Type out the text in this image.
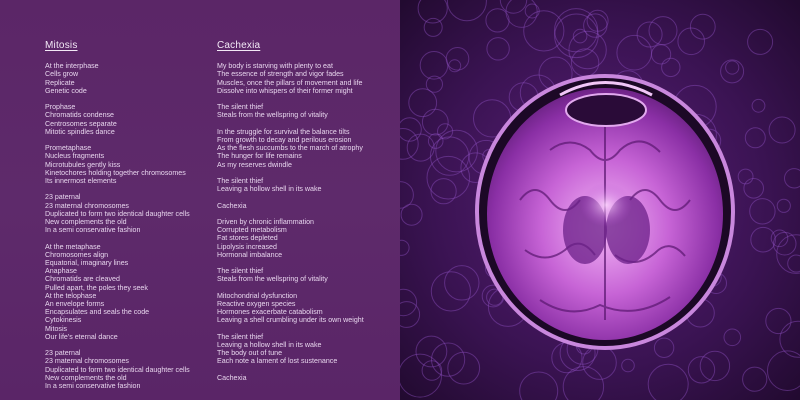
Mitosis
At the interphase
Cells grow
Replicate
Genetic code
Prophase
Chromatids condense
Centrosomes separate
Mitotic spindles dance
Prometaphase
Nucleus fragments
Microtubules gently kiss
Kinetochores holding together chromosomes
Its innermost elements
23 paternal
23 maternal chromosomes
Duplicated to form two identical daughter cells
New complements the old
In a semi conservative fashion
At the metaphase
Chromosomes align
Equatorial, imaginary lines
Anaphase
Chromatids are cleaved
Pulled apart, the poles they seek
At the telophase
An envelope forms
Encapsulates and seals the code
Cytokinesis
Mitosis
Our life's eternal dance
23 paternal
23 maternal chromosomes
Duplicated to form two identical daughter cells
New complements the old
In a semi conservative fashion
Cachexia
My body is starving with plenty to eat
The essence of strength and vigor fades
Muscles, once the pillars of movement and life
Dissolve into whispers of their former might
The silent thief
Steals from the wellspring of vitality
In the struggle for survival the balance tilts
From growth to decay and perilous erosion
As the flesh succumbs to the march of atrophy
The hunger for life remains
As my reserves dwindle
The silent thief
Leaving a hollow shell in its wake
Cachexia
Driven by chronic inflammation
Corrupted metabolism
Fat stores depleted
Lipolysis increased
Hormonal imbalance
The silent thief
Steals from the wellspring of vitality
Mitochondrial dysfunction
Reactive oxygen species
Hormones exacerbate catabolism
Leaving a shell crumbling under its own weight
The silent thief
Leaving a hollow shell in its wake
The body out of tune
Each note a lament of lost sustenance
Cachexia
